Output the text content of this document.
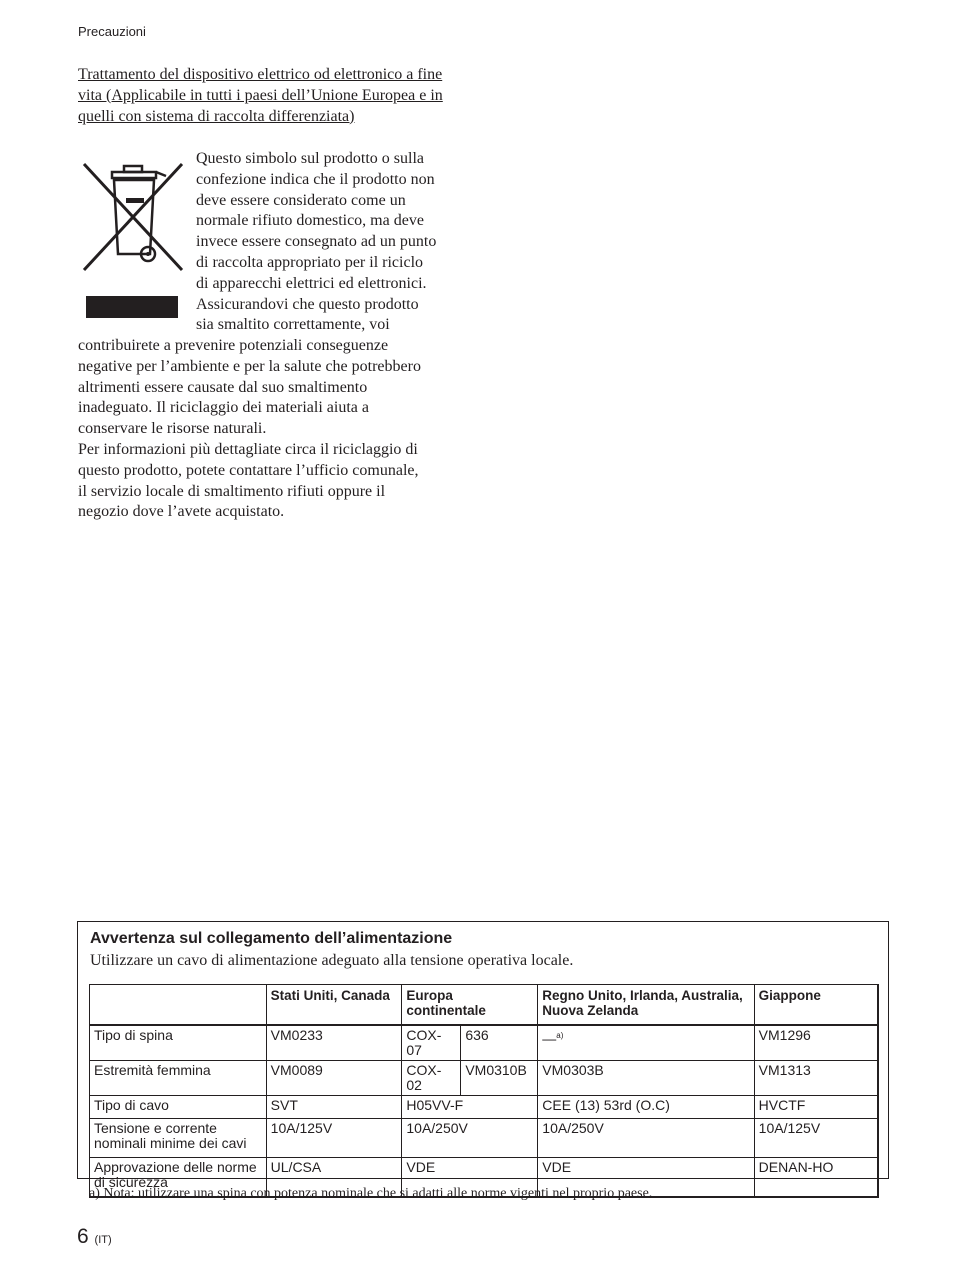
Precauzioni
Trattamento del dispositivo elettrico od elettronico a fine vita (Applicabile in tutti i paesi dell’Unione Europea e in quelli con sistema di raccolta differenziata)
Questo simbolo sul prodotto o sulla
confezione indica che il prodotto non
deve essere considerato come un
normale rifiuto domestico, ma deve
invece essere consegnato ad un punto
di raccolta appropriato per il riciclo
di apparecchi elettrici ed elettronici.
Assicurandovi che questo prodotto
sia smaltito correttamente, voi
contribuirete a prevenire potenziali conseguenze
negative per l’ambiente e per la salute che potrebbero
altrimenti essere causate dal suo smaltimento
inadeguato. Il riciclaggio dei materiali aiuta a
conservare le risorse naturali.
Per informazioni più dettagliate circa il riciclaggio di
questo prodotto, potete contattare l’ufficio comunale,
il servizio locale di smaltimento rifiuti oppure il
negozio dove l’avete acquistato.
Avvertenza sul collegamento dell’alimentazione
Utilizzare un cavo di alimentazione adeguato alla tensione operativa locale.
	Stati Uniti, Canada	Europa continentale		Regno Unito, Irlanda, Australia, Nuova Zelanda	Giappone
Tipo di spina	VM0233	COX-07	636	—$^{a)}$	VM1296
Estremità femmina	VM0089	COX-02	VM0310B	VM0303B	VM1313
Tipo di cavo	SVT	H05VV-F		CEE (13) 53rd (O.C)	HVCTF
Tensione e corrente nominali minime dei cavi	10A/125V	10A/250V		10A/250V	10A/125V
Approvazione delle norme di sicurezza	UL/CSA	VDE		VDE	DENAN-HO
a) Nota: utilizzare una spina con potenza nominale che si adatti alle norme vigenti nel proprio paese.
6 (IT)
